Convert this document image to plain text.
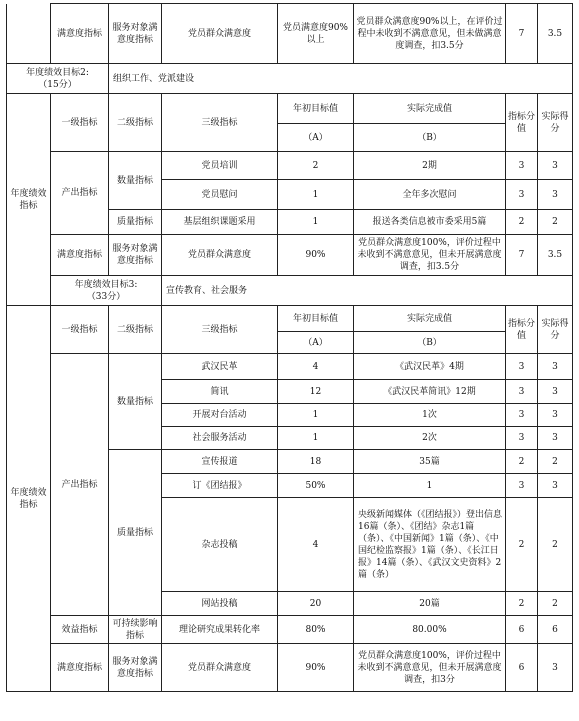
	满意度指标	服务对象满意度指标	党员群众满意度	党员满意度90%以上	党员群众满意度90%以上，在评价过程中未收到不满意意见，但未做满意度调查，扣3.5分	7	3.5

年度绩效目标2:
（15分）		组织工作、党派建设					
年度绩效指标	一级指标	二级指标	三级指标	年初目标值	实际完成值	指标分值	实际得分
				（A）	（B）		
	产出指标	数量指标	党员培训	2	2期	3	3
			党员慰问	1	全年多次慰问	3	3
		质量指标	基层组织课题采用	1	报送各类信息被市委采用5篇	2	2
	满意度指标	服务对象满意度指标	党员群众满意度	90%	党员群众满意度100%，评价过程中未收到不满意意见，但未开展满意度调查，扣3.5分	7	3.5

	年度绩效目标3:
（33分）		宣传教育、社会服务				
年度绩效指标	一级指标	二级指标	三级指标	年初目标值	实际完成值	指标分值	实际得分
				（A）	（B）		
	产出指标	数量指标	武汉民革	4	《武汉民革》4期	3	3
			简讯	12	《武汉民革简讯》12期	3	3
			开展对台活动	1	1次	3	3
			社会服务活动	1	2次	3	3
		质量指标	宣传报道	18	35篇	2	2
			订《团结报》	50%	1	3	3
			杂志投稿	4	央级新闻媒体（《团结报》）登出信息16篇（条）、《团结》杂志1篇（条）、《中国新闻》1篇（条）、《中国纪检监察报》1篇（条）、《长江日报》14篇（条）、《武汉文史资料》2篇（条）	2	2
			网站投稿	20	20篇	2	2
	效益指标	可持续影响指标	理论研究成果转化率	80%	80.00%	6	6
	满意度指标	服务对象满意度指标	党员群众满意度	90%	党员群众满意度100%，评价过程中未收到不满意意见，但未开展满意度调查，扣3分	6	3
